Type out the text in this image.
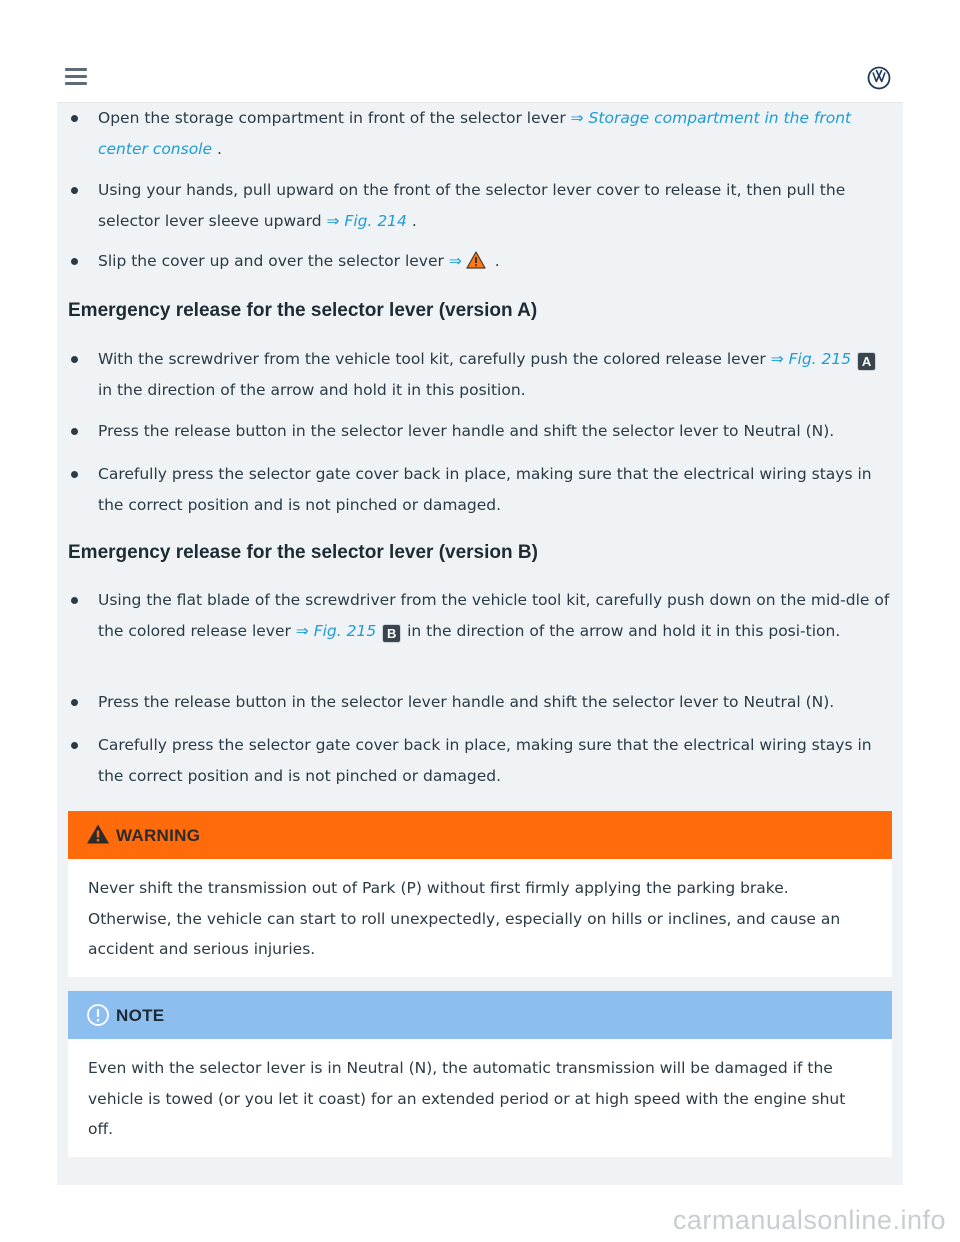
Open the storage compartment in front of the selector lever ⇒ Storage compartment in the front center console .
Using your hands, pull upward on the front of the selector lever cover to release it, then pull the selector lever sleeve upward ⇒ Fig. 214 .
Slip the cover up and over the selector lever ⇒ .
Emergency release for the selector lever (version A)
With the screwdriver from the vehicle tool kit, carefully push the colored release lever ⇒ Fig. 215 A in the direction of the arrow and hold it in this position.
Press the release button in the selector lever handle and shift the selector lever to Neutral (N).
Carefully press the selector gate cover back in place, making sure that the electrical wiring stays in the correct position and is not pinched or damaged.
Emergency release for the selector lever (version B)
Using the flat blade of the screwdriver from the vehicle tool kit, carefully push down on the mid-dle of the colored release lever ⇒ Fig. 215 B in the direction of the arrow and hold it in this posi-tion.
Press the release button in the selector lever handle and shift the selector lever to Neutral (N).
Carefully press the selector gate cover back in place, making sure that the electrical wiring stays in the correct position and is not pinched or damaged.
WARNING
Never shift the transmission out of Park (P) without first firmly applying the parking brake. Otherwise, the vehicle can start to roll unexpectedly, especially on hills or inclines, and cause an accident and serious injuries.
NOTE
Even with the selector lever is in Neutral (N), the automatic transmission will be damaged if the vehicle is towed (or you let it coast) for an extended period or at high speed with the engine shut off.
carmanualsonline.info
